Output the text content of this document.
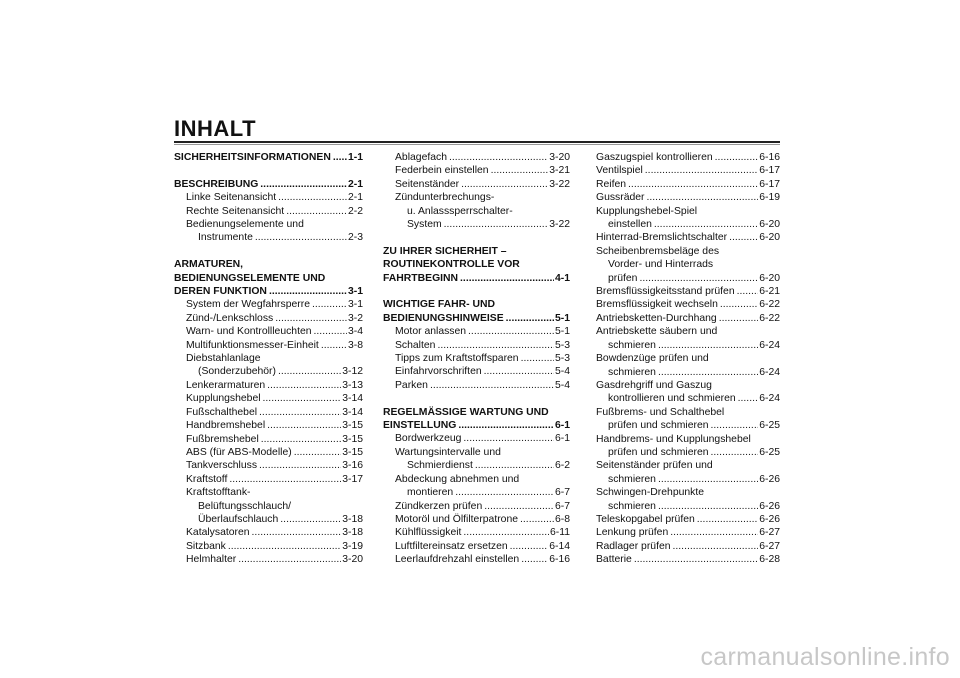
INHALT
SICHERHEITSINFORMATIONEN ..... 1-1
BESCHREIBUNG .....	2-1
Linke Seitenansicht .....	2-1
Rechte Seitenansicht .....	2-2
Bedienungselemente und
Instrumente .....	2-3
ARMATUREN,
BEDIENUNGSELEMENTE UND
DEREN FUNKTION .....	3-1
System der Wegfahrsperre .....	3-1
Zünd-/Lenkschloss .....	3-2
Warn- und Kontrollleuchten .....	3-4
Multifunktionsmesser-Einheit .....	3-8
Diebstahlanlage
(Sonderzubehör) .....	3-12
Lenkerarmaturen .....	3-13
Kupplungshebel .....	3-14
Fußschalthebel .....	3-14
Handbremshebel .....	3-15
Fußbremshebel .....	3-15
ABS (für ABS-Modelle) .....	3-15
Tankverschluss .....	3-16
Kraftstoff .....	3-17
Kraftstofftank-
Belüftungsschlauch/
Überlaufschlauch .....	3-18
Katalysatoren .....	3-18
Sitzbank .....	3-19
Helmhalter .....	3-20
Ablagefach .....	3-20
Federbein einstellen .....	3-21
Seitenständer .....	3-22
Zündunterbrechungs-
u. Anlasssperrschalter-
System .....	3-22
ZU IHRER SICHERHEIT –
ROUTINEKONTROLLE VOR
FAHRTBEGINN .....	4-1
WICHTIGE FAHR- UND
BEDIENUNGSHINWEISE .....	5-1
Motor anlassen .....	5-1
Schalten .....	5-3
Tipps zum Kraftstoffsparen .....	5-3
Einfahrvorschriften .....	5-4
Parken .....	5-4
REGELMÄSSIGE WARTUNG UND
EINSTELLUNG .....	6-1
Bordwerkzeug .....	6-1
Wartungsintervalle und
Schmierdienst .....	6-2
Abdeckung abnehmen und
montieren .....	6-7
Zündkerzen prüfen .....	6-7
Motoröl und Ölfilterpatrone .....	6-8
Kühlflüssigkeit .....	6-11
Luftfiltereinsatz ersetzen .....	6-14
Leerlaufdrehzahl einstellen .....	6-16
Gaszugspiel kontrollieren .....	6-16
Ventilspiel .....	6-17
Reifen .....	6-17
Gussräder .....	6-19
Kupplungshebel-Spiel
einstellen .....	6-20
Hinterrad-Bremslichtschalter .....	6-20
Scheibenbremsbeläge des
Vorder- und Hinterrads
prüfen .....	6-20
Bremsflüssigkeitsstand prüfen ..... 6-21
Bremsflüssigkeit wechseln .....	6-22
Antriebsketten-Durchhang .....	6-22
Antriebskette säubern und
schmieren .....	6-24
Bowdenzüge prüfen und
schmieren .....	6-24
Gasdrehgriff und Gaszug
kontrollieren und schmieren ..... 6-24
Fußbrems- und Schalthebel
prüfen und schmieren .....	6-25
Handbrems- und Kupplungshebel
prüfen und schmieren .....	6-25
Seitenständer prüfen und
schmieren .....	6-26
Schwingen-Drehpunkte
schmieren .....	6-26
Teleskopgabel prüfen .....	6-26
Lenkung prüfen .....	6-27
Radlager prüfen .....	6-27
Batterie .....	6-28
carmanualsonline.info
